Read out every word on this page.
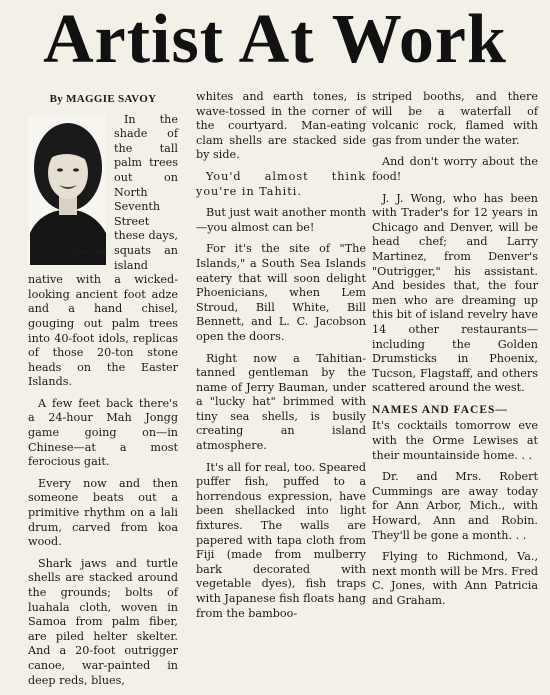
Artist At Work
By MAGGIE SAVOY
Maggie

In the shade of the tall palm trees out on North Seventh Street these days, squats an island native with a wicked-looking ancient foot adze and a hand chisel, gouging out palm trees into 40-foot idols, replicas of those 20-ton stone heads on the Easter Islands.

A few feet back there's a 24-hour Mah Jongg game going on—in Chinese—at a most ferocious gait.

Every now and then someone beats out a primitive rhythm on a lali drum, carved from koa wood.

Shark jaws and turtle shells are stacked around the grounds; bolts of luahala cloth, woven in Samoa from palm fiber, are piled helter skelter. And a 20-foot outrigger canoe, war-painted in deep reds, blues,

whites and earth tones, is wave-tossed in the corner of the courtyard. Man-eating clam shells are stacked side by side.

You'd almost think you're in Tahiti.

But just wait another month—you almost can be!

For it's the site of "The Islands," a South Sea Islands eatery that will soon delight Phoenicians, when Lem Stroud, Bill White, Bill Bennett, and L. C. Jacobson open the doors.

Right now a Tahitian-tanned gentleman by the name of Jerry Bauman, under a "lucky hat" brimmed with tiny sea shells, is busily creating an island atmosphere.

It's all for real, too. Speared puffer fish, puffed to a horrendous expression, have been shellacked into light fixtures. The walls are papered with tapa cloth from Fiji (made from mulberry bark decorated with vegetable dyes), fish traps with Japanese fish floats hang from the bamboo-

striped booths, and there will be a waterfall of volcanic rock, flamed with gas from under the water.

And don't worry about the food!

J. J. Wong, who has been with Trader's for 12 years in Chicago and Denver, will be head chef; and Larry Martinez, from Denver's "Outrigger," his assistant. And besides that, the four men who are dreaming up this bit of island revelry have 14 other restaurants—including the Golden Drumsticks in Phoenix, Tucson, Flagstaff, and others scattered around the west.

NAMES AND FACES—

It's cocktails tomorrow eve with the Orme Lewises at their mountainside home. . .

Dr. and Mrs. Robert Cummings are away today for Ann Arbor, Mich., with Howard, Ann and Robin. They'll be gone a month. . .

Flying to Richmond, Va., next month will be Mrs. Fred C. Jones, with Ann Patricia and Graham.
